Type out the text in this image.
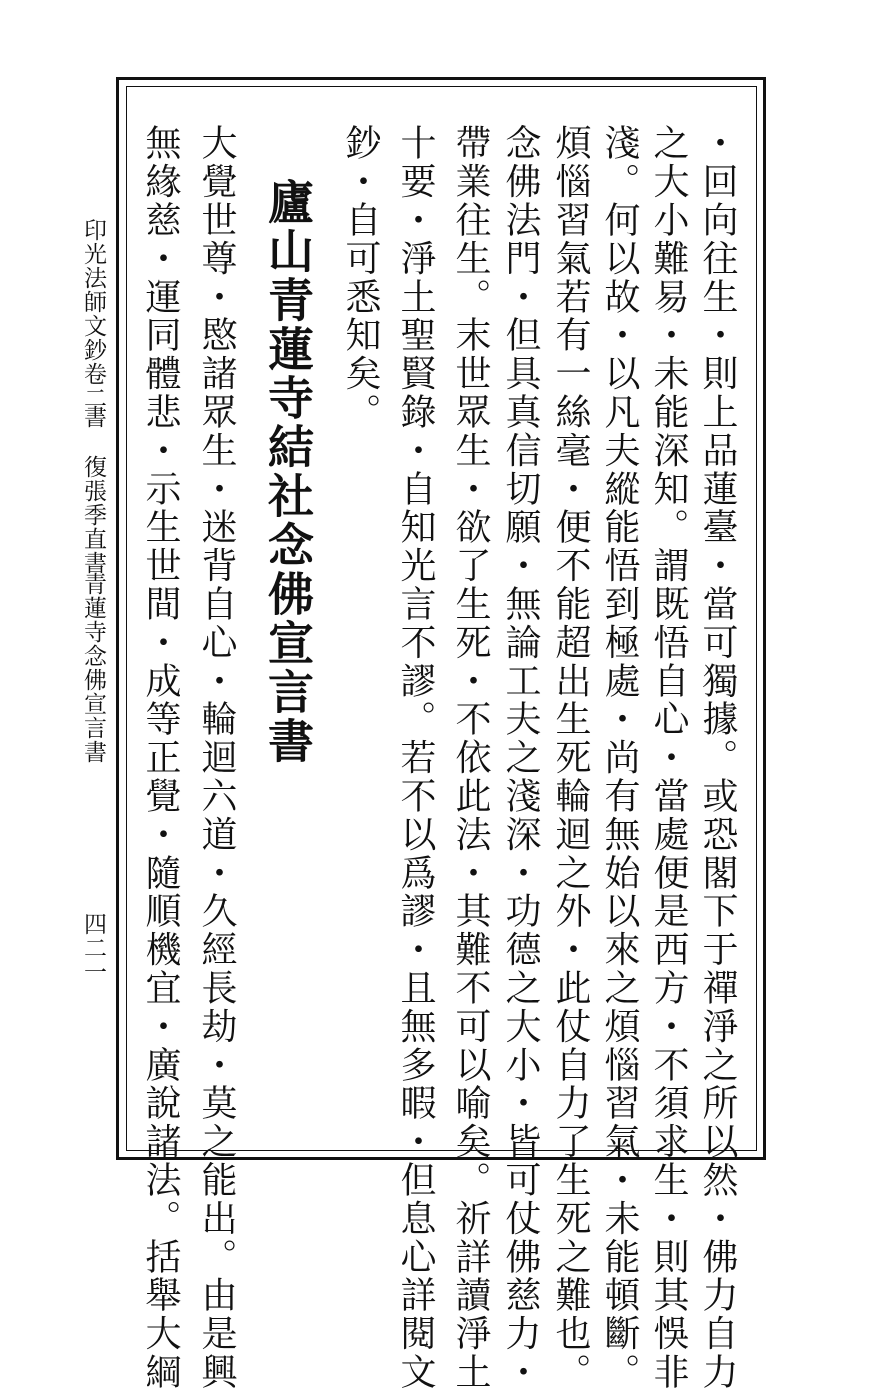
印光法師文鈔卷二
書
復張季直書
青蓮寺念佛宣言書
四二一	・回向往生・則上品蓮臺・當可獨據。或恐閣下于禪淨之所以然・佛力自力
之大小難易・未能深知。謂既悟自心・當處便是西方・不須求生・則其悞非
淺。何以故・以凡夫縱能悟到極處・尚有無始以來之煩惱習氣・未能頓斷。
煩惱習氣若有一絲毫・便不能超出生死輪迴之外・此仗自力了生死之難也。
念佛法門・但具真信切願・無論工夫之淺深・功德之大小・皆可仗佛慈力・
帶業往生。末世眾生・欲了生死・不依此法・其難不可以喻矣。祈詳讀淨土
十要・淨土聖賢錄・自知光言不謬。若不以爲謬・且無多暇・但息心詳閱文
鈔・自可悉知矣。
廬山青蓮寺結社念佛宣言書
大覺世尊・愍諸眾生・迷背自心・輪迴六道・久經長劫・莫之能出。由是興
無緣慈・運同體悲・示生世間・成等正覺・隨順機宜・廣說諸法。括舉大綱
